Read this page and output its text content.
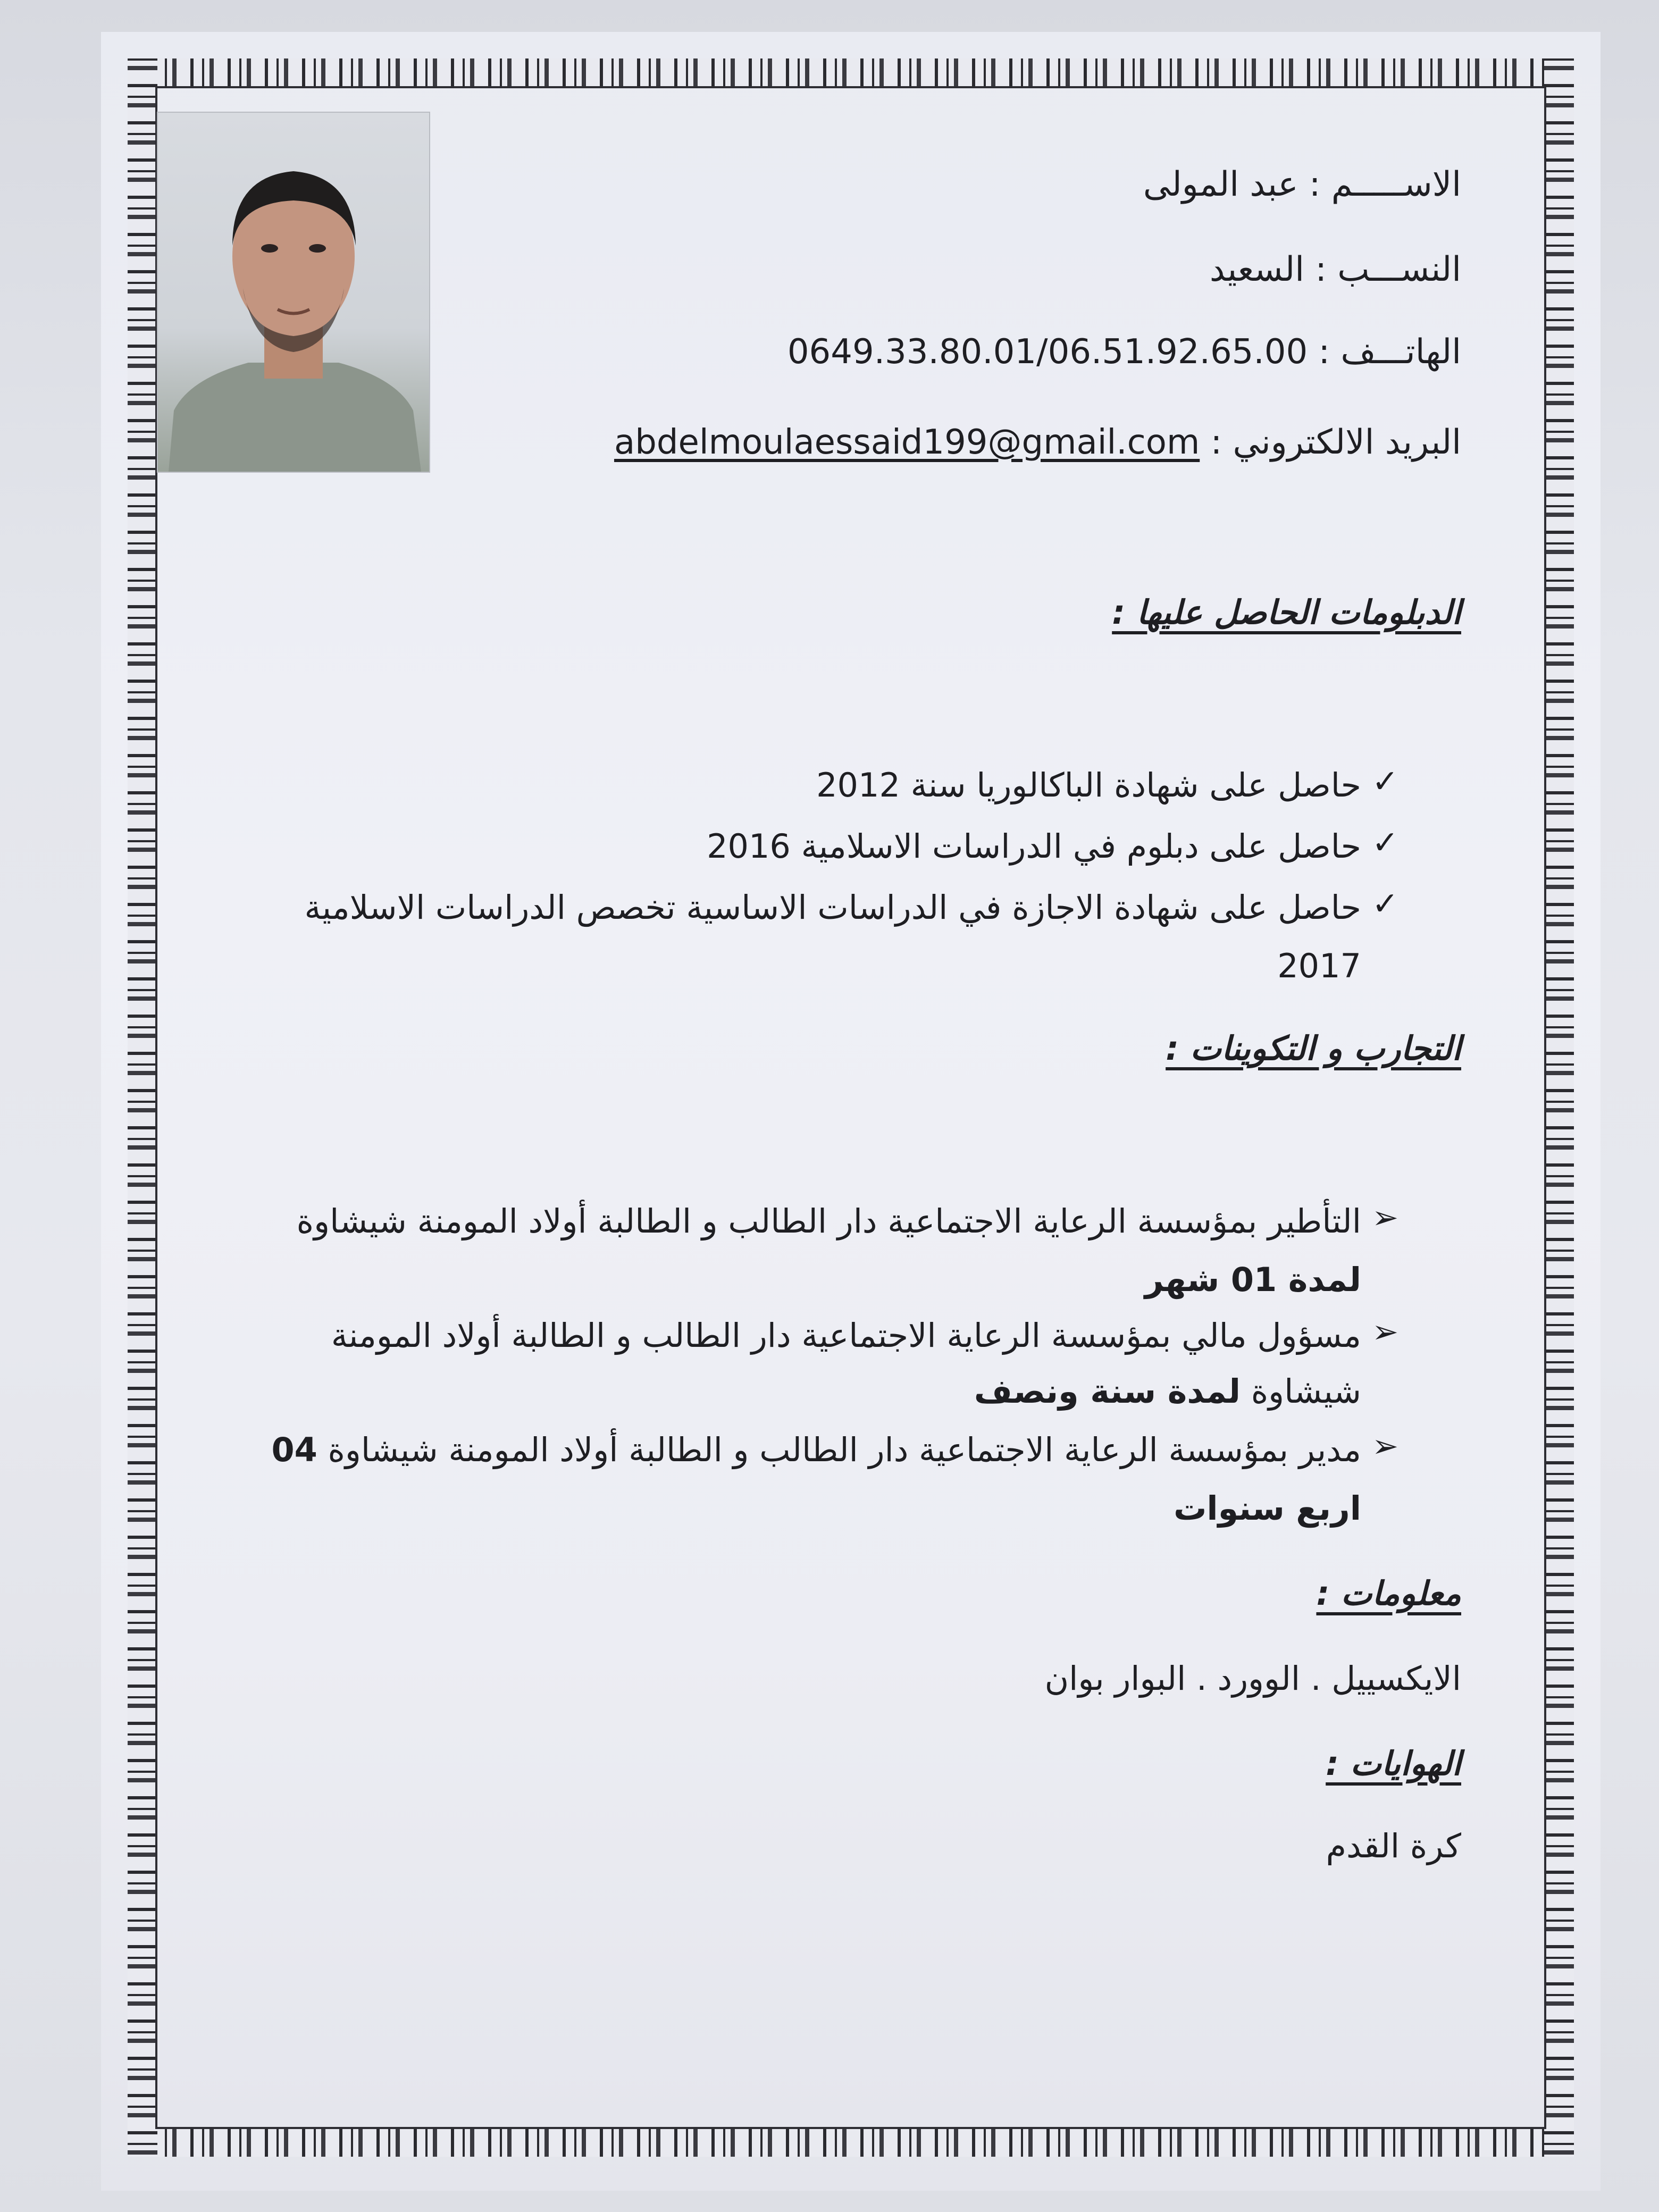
الاســـــم : عبد المولى
النســـب : السعيد
الهاتـــف : 0649.33.80.01/06.51.92.65.00
البريد الالكتروني : abdelmoulaessaid199@gmail.com
الدبلومات الحاصل عليها :
✓
حاصل على شهادة الباكالوريا سنة 2012
✓
حاصل على دبلوم في الدراسات الاسلامية 2016
✓
حاصل على شهادة الاجازة في الدراسات الاساسية تخصص الدراسات الاسلامية
2017
التجارب و التكوينات :
➢
التأطير بمؤسسة الرعاية الاجتماعية دار الطالب و الطالبة أولاد المومنة شيشاوة
لمدة 01 شهر
➢
مسؤول مالي بمؤسسة الرعاية الاجتماعية دار الطالب و الطالبة أولاد المومنة
شيشاوة لمدة سنة ونصف
➢
مدير بمؤسسة الرعاية الاجتماعية دار الطالب و الطالبة أولاد المومنة شيشاوة 04
اربع سنوات
معلومات :
الايكسييل . الوورد . البوار بوان
الهوايات :
كرة القدم
